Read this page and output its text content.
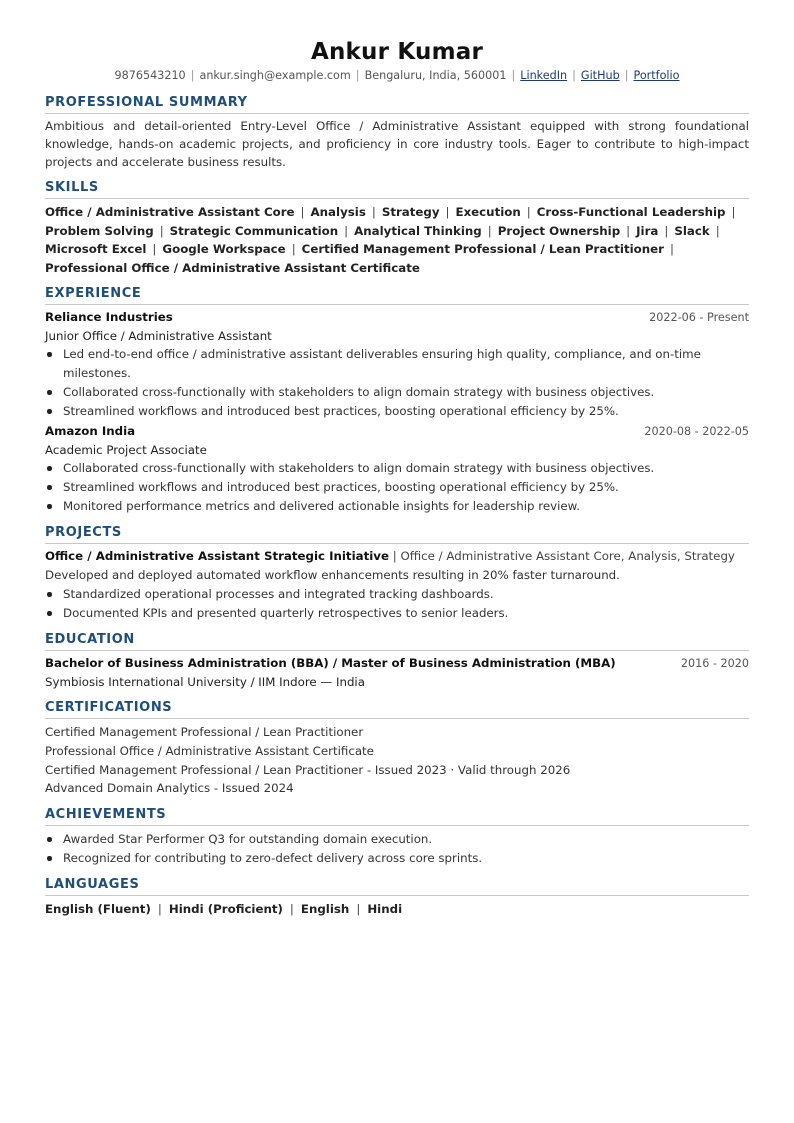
Ankur Kumar
9876543210 | ankur.singh@example.com | Bengaluru, India, 560001 | LinkedIn | GitHub | Portfolio
PROFESSIONAL SUMMARY
Ambitious and detail-oriented Entry-Level Office / Administrative Assistant equipped with strong foundational knowledge, hands-on academic projects, and proficiency in core industry tools. Eager to contribute to high-impact projects and accelerate business results.
SKILLS
Office / Administrative Assistant Core | Analysis | Strategy | Execution | Cross-Functional Leadership |
Problem Solving | Strategic Communication | Analytical Thinking | Project Ownership | Jira | Slack |
Microsoft Excel | Google Workspace | Certified Management Professional / Lean Practitioner |
Professional Office / Administrative Assistant Certificate
EXPERIENCE
Reliance Industries	2022-06 - Present
Junior Office / Administrative Assistant
Led end-to-end office / administrative assistant deliverables ensuring high quality, compliance, and on-time milestones.
Collaborated cross-functionally with stakeholders to align domain strategy with business objectives.
Streamlined workflows and introduced best practices, boosting operational efficiency by 25%.
Amazon India	2020-08 - 2022-05
Academic Project Associate
Collaborated cross-functionally with stakeholders to align domain strategy with business objectives.
Streamlined workflows and introduced best practices, boosting operational efficiency by 25%.
Monitored performance metrics and delivered actionable insights for leadership review.
PROJECTS
Office / Administrative Assistant Strategic Initiative | Office / Administrative Assistant Core, Analysis, Strategy
Developed and deployed automated workflow enhancements resulting in 20% faster turnaround.
Standardized operational processes and integrated tracking dashboards.
Documented KPIs and presented quarterly retrospectives to senior leaders.
EDUCATION
Bachelor of Business Administration (BBA) / Master of Business Administration (MBA)	2016 - 2020
Symbiosis International University / IIM Indore — India
CERTIFICATIONS
Certified Management Professional / Lean Practitioner
Professional Office / Administrative Assistant Certificate
Certified Management Professional / Lean Practitioner - Issued 2023 · Valid through 2026
Advanced Domain Analytics - Issued 2024
ACHIEVEMENTS
Awarded Star Performer Q3 for outstanding domain execution.
Recognized for contributing to zero-defect delivery across core sprints.
LANGUAGES
English (Fluent) | Hindi (Proficient) | English | Hindi
